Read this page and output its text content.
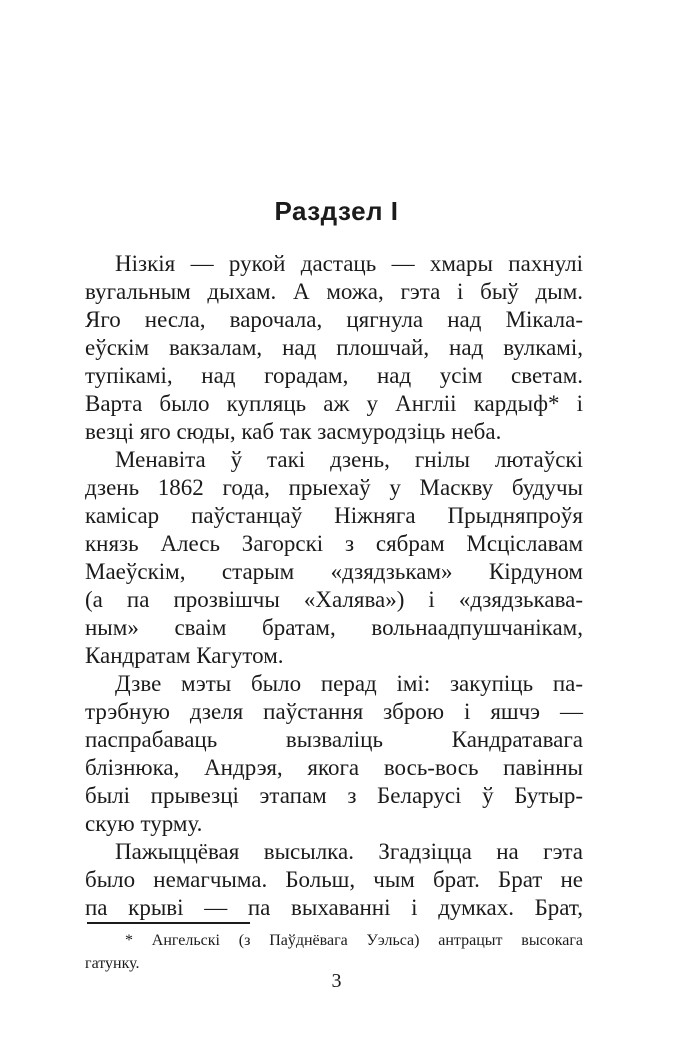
Раздзел I
Нізкія — рукой дастаць — хмары пахнулі
вугальным дыхам. А можа, гэта і быў дым.
Яго несла, варочала, цягнула над Мікала-
еўскім вакзалам, над плошчай, над вулкамі,
тупікамі, над горадам, над усім светам.
Варта было купляць аж у Англіі кардыф* і
везці яго сюды, каб так засмуродзіць неба.
Менавіта ў такі дзень, гнілы лютаўскі
дзень 1862 года, прыехаў у Маскву будучы
камісар паўстанцаў Ніжняга Прыдняпроўя
князь Алесь Загорскі з сябрам Мсціславам
Маеўскім, старым «дзядзькам» Кірдуном
(а па прозвішчы «Халява») і «дзядзькава-
ным» сваім братам, вольнаадпушчанікам,
Кандратам Кагутом.
Дзве мэты было перад імі: закупіць па-
трэбную дзеля паўстання зброю і яшчэ —
паспрабаваць вызваліць Кандратавага
блізнюка, Андрэя, якога вось-вось павінны
былі прывезці этапам з Беларусі ў Бутыр-
скую турму.
Пажыццёвая высылка. Згадзіцца на гэта
было немагчыма. Больш, чым брат. Брат не
па крыві — па выхаванні і думках. Брат,
* Ангельскі (з Паўднёвага Уэльса) антрацыт высокага
гатунку.
3
